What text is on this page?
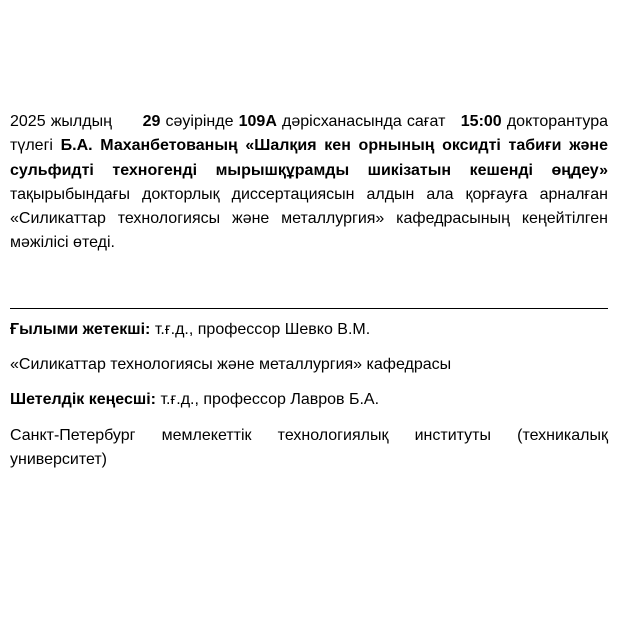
2025 жылдың 29 сәуірінде 109А дәрісханасында сағат 15:00 докторантура түлегі Б.А. Маханбетованың «Шалқия кен орнының оксидті табиғи және сульфидті техногенді мырышқұрамды шикізатын кешенді өңдеу» тақырыбындағы докторлық диссертациясын алдын ала қорғауға арналған «Силикаттар технологиясы және металлургия» кафедрасының кеңейтілген мәжілісі өтеді.

Ғылыми жетекші: т.ғ.д., профессор Шевко В.М.

«Силикаттар технологиясы және металлургия» кафедрасы

Шетелдік кеңесші: т.ғ.д., профессор Лавров Б.А.

Санкт-Петербург мемлекеттік технологиялық институты (техникалық университет)
